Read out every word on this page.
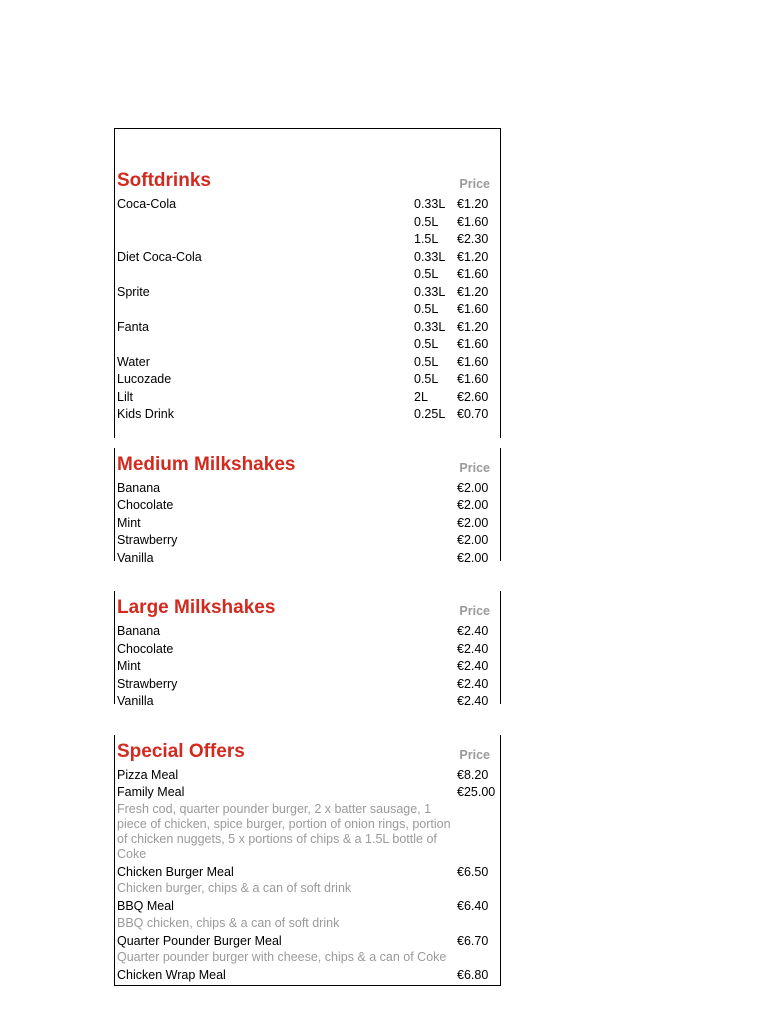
Softdrinks	Price
Coca-Cola	0.33L €1.20
0.5L €1.60
1.5L €2.30
Diet Coca-Cola	0.33L €1.20
0.5L €1.60
Sprite	0.33L €1.20
0.5L €1.60
Fanta	0.33L €1.20
0.5L €1.60
Water	0.5L €1.60
Lucozade	0.5L €1.60
Lilt	2L €2.60
Kids Drink	0.25L €0.70
Medium Milkshakes	Price
Banana	€2.00
Chocolate	€2.00
Mint	€2.00
Strawberry	€2.00
Vanilla	€2.00
Large Milkshakes	Price
Banana	€2.40
Chocolate	€2.40
Mint	€2.40
Strawberry	€2.40
Vanilla	€2.40
Special Offers	Price
Pizza Meal	€8.20
Family Meal	€25.00
Fresh cod, quarter pounder burger, 2 x batter sausage, 1 piece of chicken, spice burger, portion of onion rings, portion of chicken nuggets, 5 x portions of chips & a 1.5L bottle of Coke
Chicken Burger Meal	€6.50
Chicken burger, chips & a can of soft drink
BBQ Meal	€6.40
BBQ chicken, chips & a can of soft drink
Quarter Pounder Burger Meal	€6.70
Quarter pounder burger with cheese, chips & a can of Coke
Chicken Wrap Meal	€6.80
